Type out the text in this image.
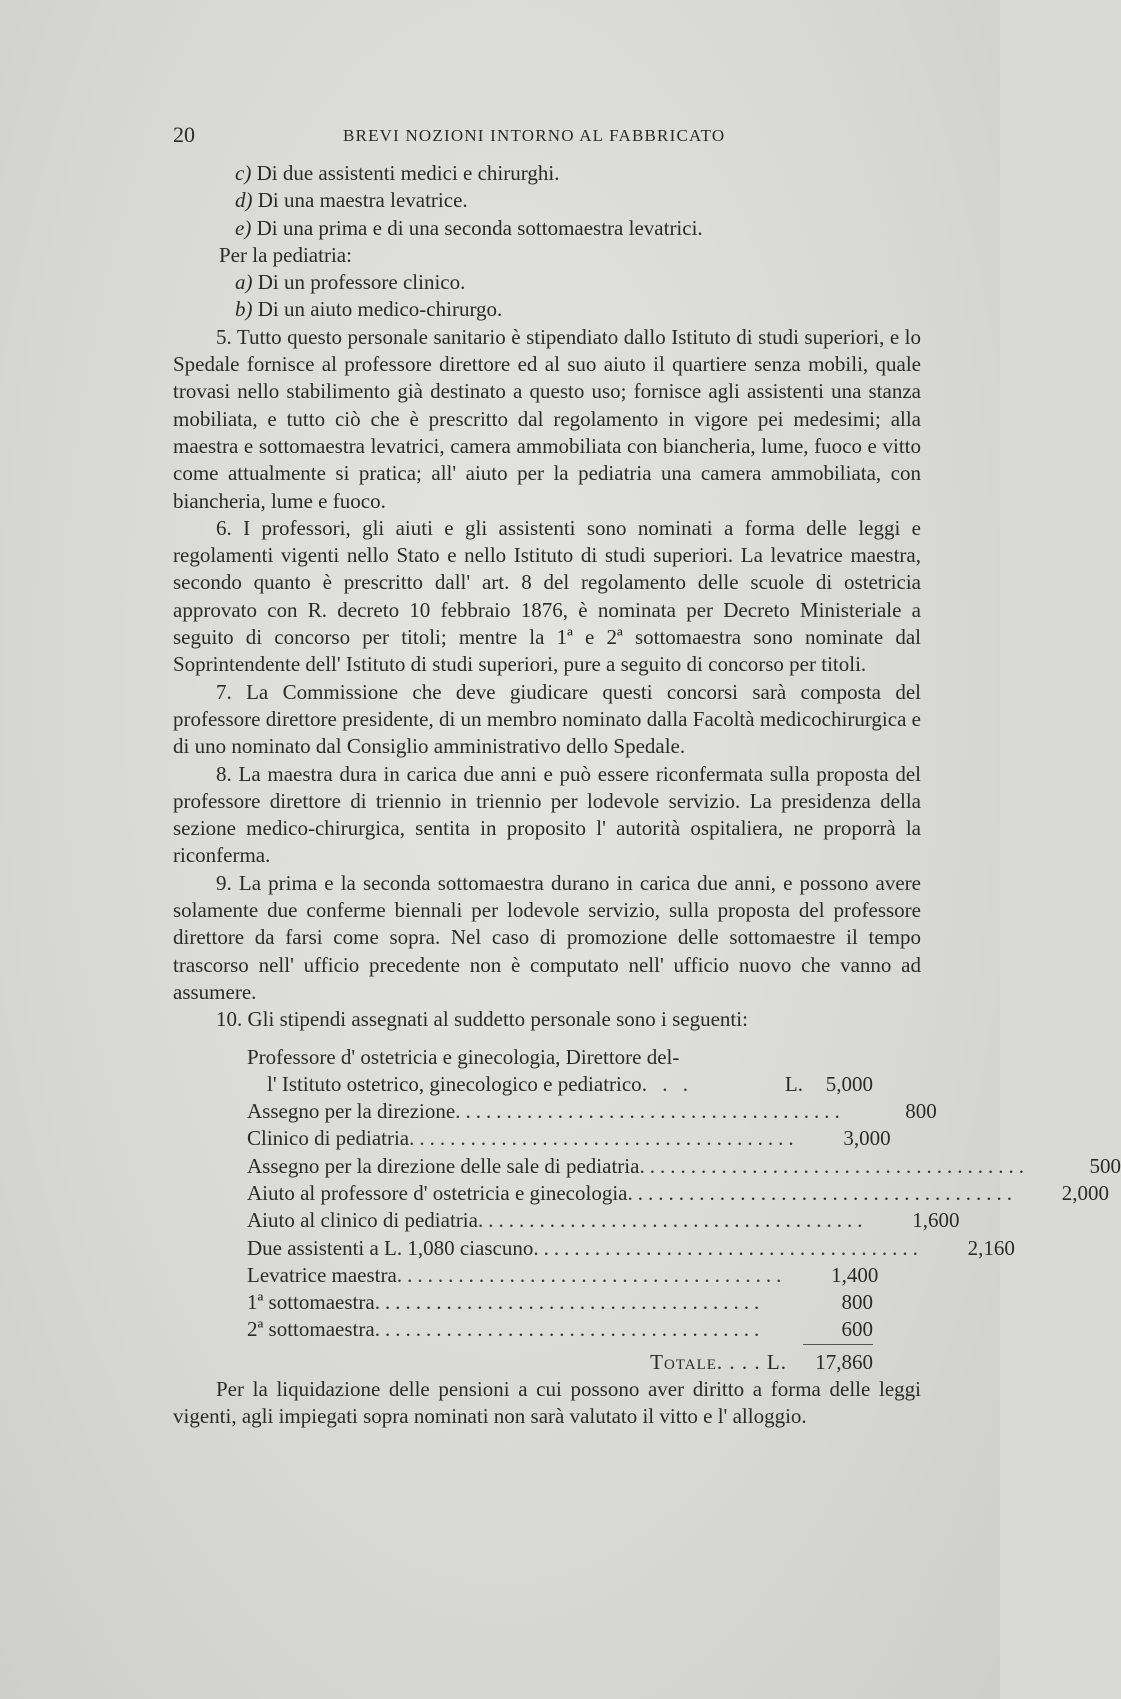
20	BREVI NOZIONI INTORNO AL FABBRICATO

c) Di due assistenti medici e chirurghi.

d) Di una maestra levatrice.

e) Di una prima e di una seconda sottomaestra levatrici.

Per la pediatria:

a) Di un professore clinico.

b) Di un aiuto medico-chirurgo.

5. Tutto questo personale sanitario è stipendiato dallo Istituto di studi superiori, e lo Spedale fornisce al professore direttore ed al suo aiuto il quartiere senza mobili, quale trovasi nello stabilimento già destinato a questo uso; fornisce agli assistenti una stanza mobiliata, e tutto ciò che è prescritto dal regolamento in vigore pei medesimi; alla maestra e sottomaestra levatrici, camera ammobiliata con biancheria, lume, fuoco e vitto come attualmente si pratica; all' aiuto per la pediatria una camera ammobiliata, con biancheria, lume e fuoco.

6. I professori, gli aiuti e gli assistenti sono nominati a forma delle leggi e regolamenti vigenti nello Stato e nello Istituto di studi superiori. La levatrice maestra, secondo quanto è prescritto dall' art. 8 del regolamento delle scuole di ostetricia approvato con R. decreto 10 febbraio 1876, è nominata per Decreto Ministeriale a seguito di concorso per titoli; mentre la 1ª e 2ª sottomaestra sono nominate dal Soprintendente dell' Istituto di studi superiori, pure a seguito di concorso per titoli.

7. La Commissione che deve giudicare questi concorsi sarà composta del professore direttore presidente, di un membro nominato dalla Facoltà medicochirurgica e di uno nominato dal Consiglio amministrativo dello Spedale.

8. La maestra dura in carica due anni e può essere riconfermata sulla proposta del professore direttore di triennio in triennio per lodevole servizio. La presidenza della sezione medico-chirurgica, sentita in proposito l' autorità ospitaliera, ne proporrà la riconferma.

9. La prima e la seconda sottomaestra durano in carica due anni, e possono avere solamente due conferme biennali per lodevole servizio, sulla proposta del professore direttore da farsi come sopra. Nel caso di promozione delle sottomaestre il tempo trascorso nell' ufficio precedente non è computato nell' ufficio nuovo che vanno ad assumere.

10. Gli stipendi assegnati al suddetto personale sono i seguenti:

Professore d' ostetricia e ginecologia, Direttore del-
l' Istituto ostetrico, ginecologico e pediatrico . . .	L.	5,000
Assegno per la direzione ......................................	800
Clinico di pediatria ......................................	3,000
Assegno per la direzione delle sale di pediatria ......................................	500
Aiuto al professore d' ostetricia e ginecologia ......................................	2,000
Aiuto al clinico di pediatria ......................................	1,600
Due assistenti a L. 1,080 ciascuno ......................................	2,160
Levatrice maestra ......................................	1,400
1ª sottomaestra ......................................	800
2ª sottomaestra ......................................	600
Totale. . . . L.	17,860

Per la liquidazione delle pensioni a cui possono aver diritto a forma delle leggi vigenti, agli impiegati sopra nominati non sarà valutato il vitto e l' alloggio.
